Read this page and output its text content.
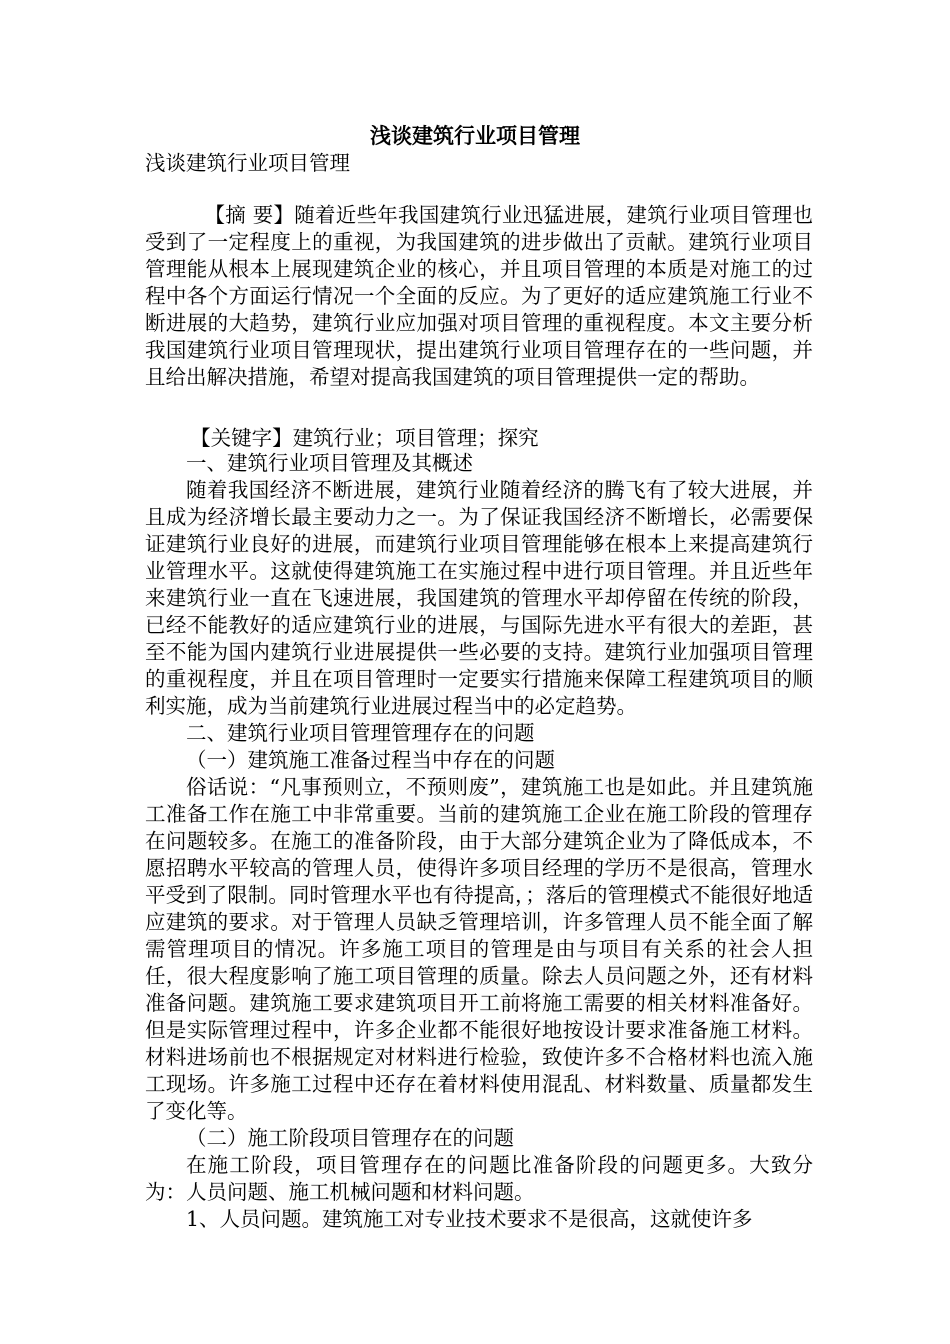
浅谈建筑行业项目管理

浅谈建筑行业项目管理

【摘 要】随着近些年我国建筑行业迅猛进展，建筑行业项目管理也受到了一定程度上的重视，为我国建筑的进步做出了贡献。建筑行业项目管理能从根本上展现建筑企业的核心，并且项目管理的本质是对施工的过程中各个方面运行情况一个全面的反应。为了更好的适应建筑施工行业不断进展的大趋势，建筑行业应加强对项目管理的重视程度。本文主要分析我国建筑行业项目管理现状，提出建筑行业项目管理存在的一些问题，并且给出解决措施，希望对提高我国建筑的项目管理提供一定的帮助。

【关键字】建筑行业；项目管理；探究

一、建筑行业项目管理及其概述

随着我国经济不断进展，建筑行业随着经济的腾飞有了较大进展，并且成为经济增长最主要动力之一。为了保证我国经济不断增长，必需要保证建筑行业良好的进展，而建筑行业项目管理能够在根本上来提高建筑行业管理水平。这就使得建筑施工在实施过程中进行项目管理。并且近些年来建筑行业一直在飞速进展，我国建筑的管理水平却停留在传统的阶段，已经不能教好的适应建筑行业的进展，与国际先进水平有很大的差距，甚至不能为国内建筑行业进展提供一些必要的支持。建筑行业加强项目管理的重视程度，并且在项目管理时一定要实行措施来保障工程建筑项目的顺利实施，成为当前建筑行业进展过程当中的必定趋势。

二、建筑行业项目管理管理存在的问题

（一）建筑施工准备过程当中存在的问题

俗话说：“凡事预则立，不预则废”，建筑施工也是如此。并且建筑施工准备工作在施工中非常重要。当前的建筑施工企业在施工阶段的管理存在问题较多。在施工的准备阶段，由于大部分建筑企业为了降低成本，不愿招聘水平较高的管理人员，使得许多项目经理的学历不是很高，管理水平受到了限制。同时管理水平也有待提高，；落后的管理模式不能很好地适应建筑的要求。对于管理人员缺乏管理培训，许多管理人员不能全面了解需管理项目的情况。许多施工项目的管理是由与项目有关系的社会人担任，很大程度影响了施工项目管理的质量。除去人员问题之外，还有材料准备问题。建筑施工要求建筑项目开工前将施工需要的相关材料准备好。但是实际管理过程中，许多企业都不能很好地按设计要求准备施工材料。材料进场前也不根据规定对材料进行检验，致使许多不合格材料也流入施工现场。许多施工过程中还存在着材料使用混乱、材料数量、质量都发生了变化等。

（二）施工阶段项目管理存在的问题

在施工阶段，项目管理存在的问题比准备阶段的问题更多。大致分为：人员问题、施工机械问题和材料问题。

1、人员问题。建筑施工对专业技术要求不是很高，这就使许多
